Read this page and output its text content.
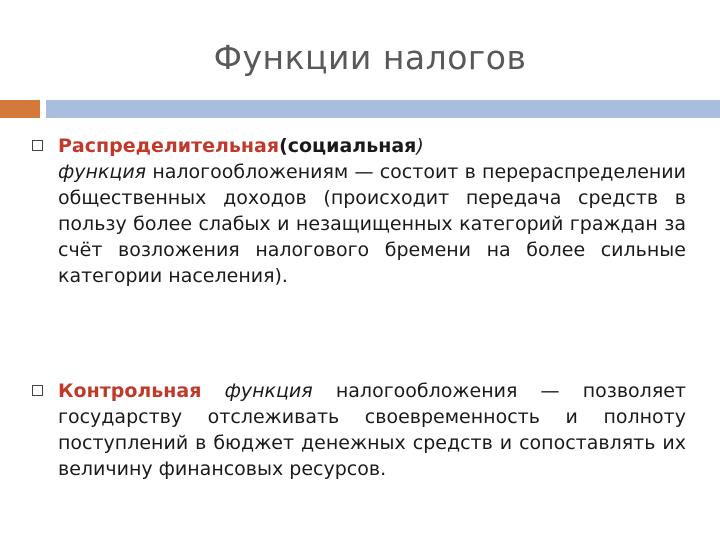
Функции налогов
Распределительная(социальная)
функция налогообложениям — состоит в перераспределении общественных доходов (происходит передача средств в пользу более слабых и незащищенных категорий граждан за счёт возложения налогового бремени на более сильные категории населения).
Контрольная функция налогообложения — позволяет государству отслеживать своевременность и полноту поступлений в бюджет денежных средств и сопоставлять их величину финансовых ресурсов.
